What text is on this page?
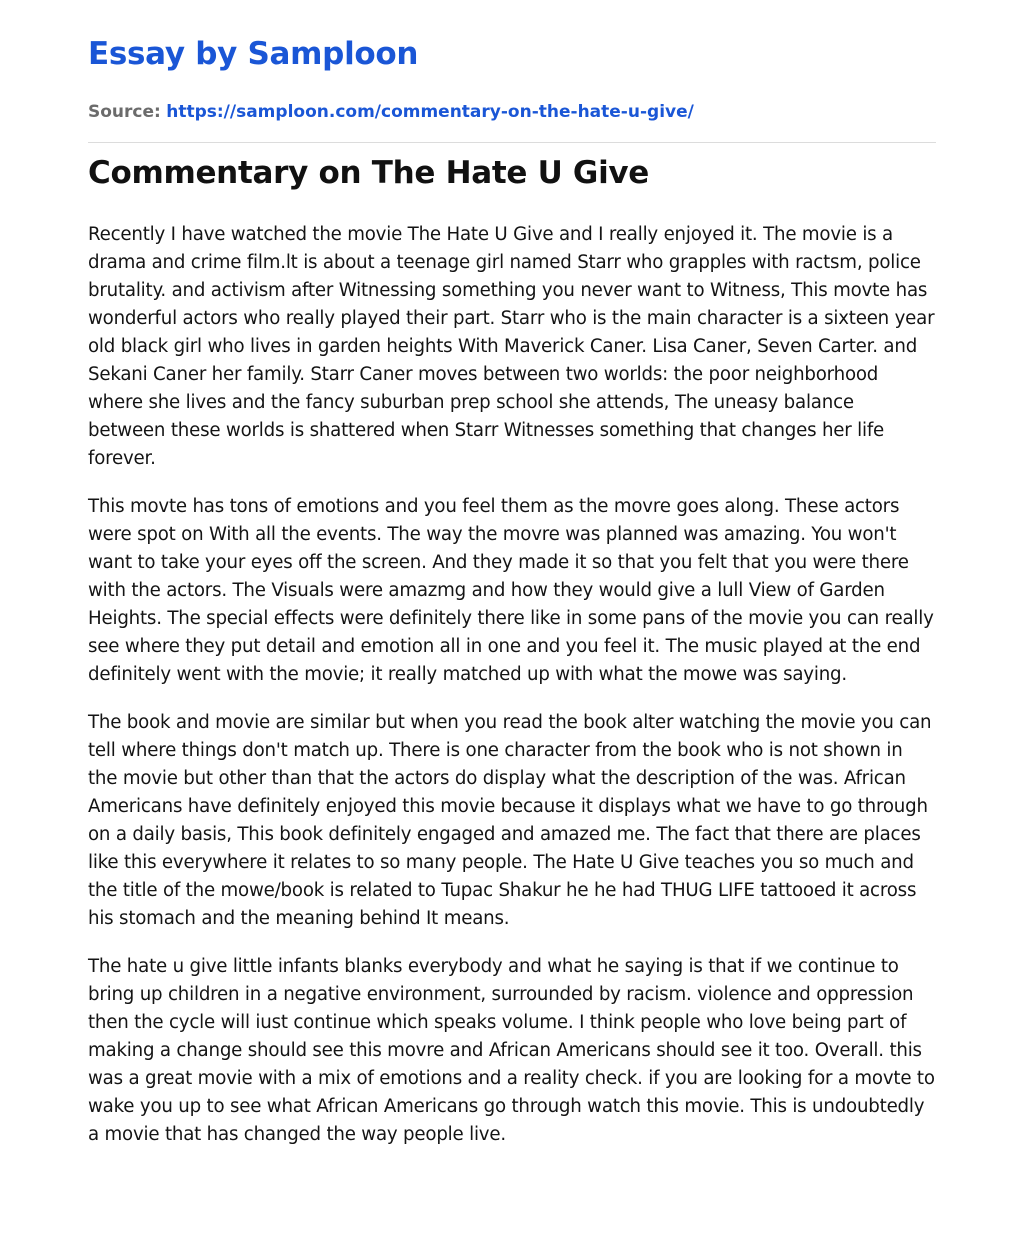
Essay by Samploon
Source: https://samploon.com/commentary-on-the-hate-u-give/
Commentary on The Hate U Give

Recently I have watched the movie The Hate U Give and I really enjoyed it. The movie is a drama and crime film.lt is about a teenage girl named Starr who grapples with ractsm, police brutality. and activism after Witnessing something you never want to Witness, This movte has wonderful actors who really played their part. Starr who is the main character is a sixteen year old black girl who lives in garden heights With Maverick Caner. Lisa Caner, Seven Carter. and Sekani Caner her family. Starr Caner moves between two worlds: the poor neighborhood where she lives and the fancy suburban prep school she attends, The uneasy balance between these worlds is shattered when Starr Witnesses something that changes her life forever.

This movte has tons of emotions and you feel them as the movre goes along. These actors were spot on With all the events. The way the movre was planned was amazing. You won't want to take your eyes off the screen. And they made it so that you felt that you were there with the actors. The Visuals were amazmg and how they would give a lull View of Garden Heights. The special effects were definitely there like in some pans of the movie you can really see where they put detail and emotion all in one and you feel it. The music played at the end definitely went with the movie; it really matched up with what the mowe was saying.

The book and movie are similar but when you read the book alter watching the movie you can tell where things don't match up. There is one character from the book who is not shown in the movie but other than that the actors do display what the description of the was. African Americans have definitely enjoyed this movie because it displays what we have to go through on a daily basis, This book definitely engaged and amazed me. The fact that there are places like this everywhere it relates to so many people. The Hate U Give teaches you so much and the title of the mowe/book is related to Tupac Shakur he he had THUG LIFE tattooed it across his stomach and the meaning behind It means.

The hate u give little infants blanks everybody and what he saying is that if we continue to bring up children in a negative environment, surrounded by racism. violence and oppression then the cycle will iust continue which speaks volume. I think people who love being part of making a change should see this movre and African Americans should see it too. Overall. this was a great movie with a mix of emotions and a reality check. if you are looking for a movte to wake you up to see what African Americans go through watch this movie. This is undoubtedly a movie that has changed the way people live.
